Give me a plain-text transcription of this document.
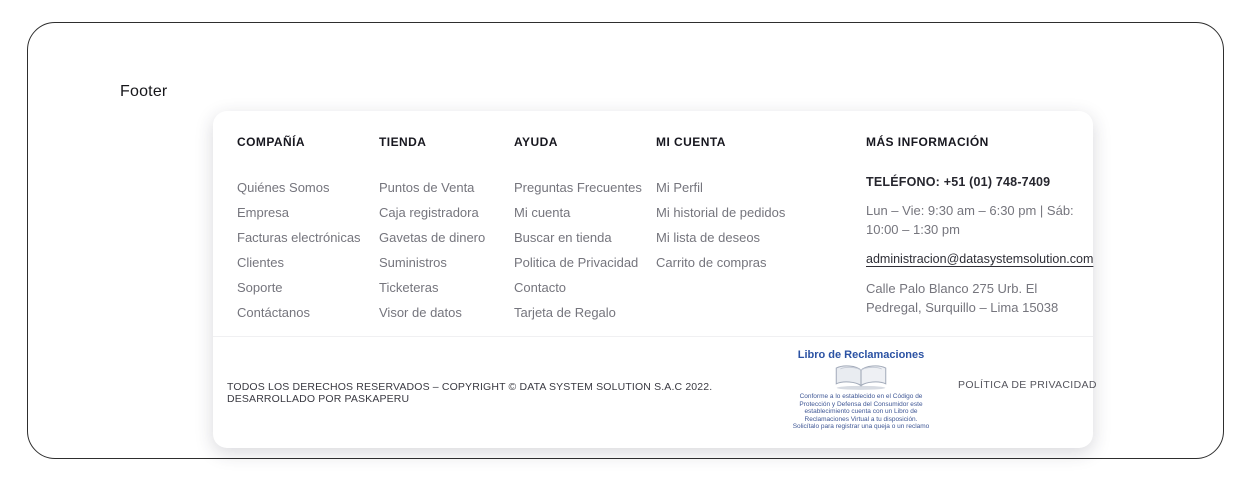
Footer
COMPAÑÍA
Quiénes Somos
Empresa
Facturas electrónicas
Clientes
Soporte
Contáctanos
TIENDA
Puntos de Venta
Caja registradora
Gavetas de dinero
Suministros
Ticketeras
Visor de datos
AYUDA
Preguntas Frecuentes
Mi cuenta
Buscar en tienda
Politica de Privacidad
Contacto
Tarjeta de Regalo
MI CUENTA
Mi Perfil
Mi historial de pedidos
Mi lista de deseos
Carrito de compras
MÁS INFORMACIÓN
TELÉFONO: +51 (01) 748-7409
Lun – Vie: 9:30 am – 6:30 pm | Sáb: 10:00 – 1:30 pm
administracion@datasystemsolution.com
Calle Palo Blanco 275 Urb. El Pedregal, Surquillo – Lima 15038
TODOS LOS DERECHOS RESERVADOS – COPYRIGHT © DATA SYSTEM SOLUTION S.A.C 2022. DESARROLLADO POR PASKAPERU
Libro de Reclamaciones
Conforme a lo establecido en el Código de Protección y Defensa del Consumidor este establecimiento cuenta con un Libro de Reclamaciones Virtual a tu disposición. Solicítalo para registrar una queja o un reclamo
POLÍTICA DE PRIVACIDAD
